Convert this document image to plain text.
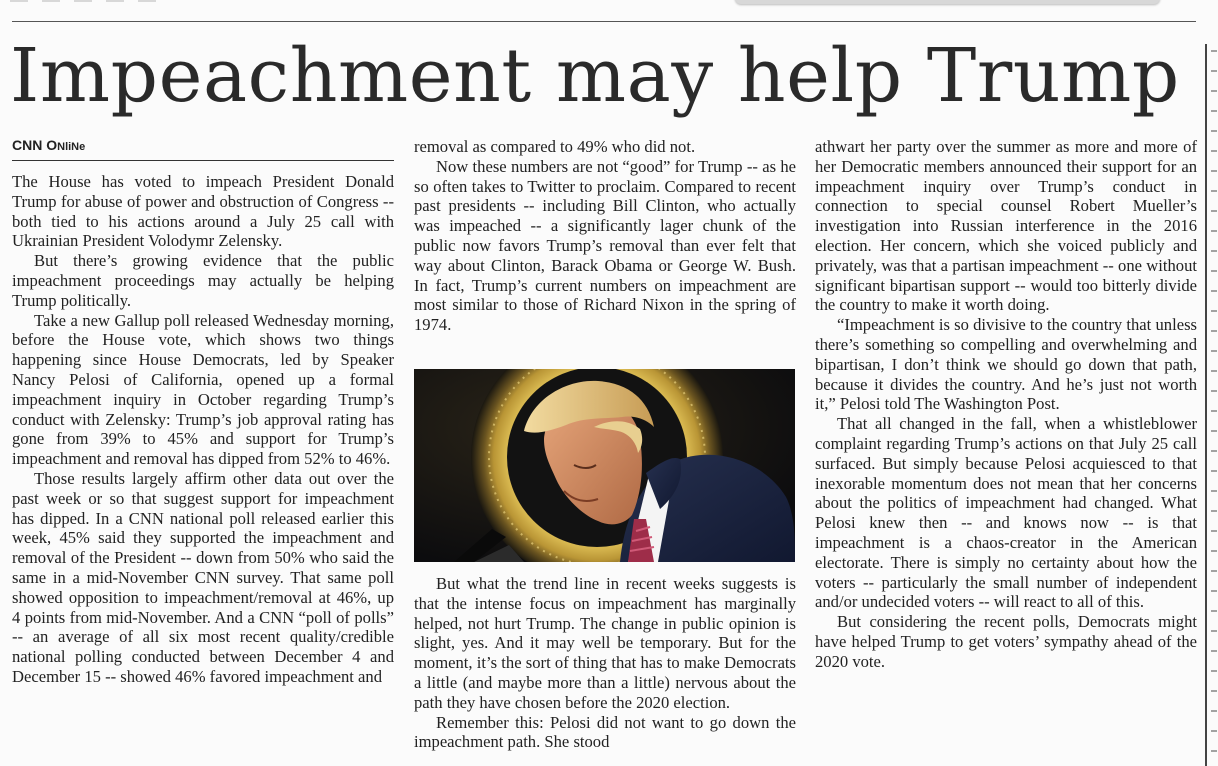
Impeachment may help Trump
CNN ONliNe

The House has voted to impeach President Donald Trump for abuse of power and obstruction of Congress -- both tied to his actions around a July 25 call with Ukrainian President Volodymr Zelensky.

But there’s growing evidence that the public impeachment proceedings may actually be helping Trump politically.

Take a new Gallup poll released Wednesday morning, before the House vote, which shows two things happening since House Democrats, led by Speaker Nancy Pelosi of California, opened up a formal impeachment inquiry in October regarding Trump’s conduct with Zelensky: Trump’s job approval rating has gone from 39% to 45% and support for Trump’s impeachment and removal has dipped from 52% to 46%.

Those results largely affirm other data out over the past week or so that suggest support for impeachment has dipped. In a CNN national poll released earlier this week, 45% said they supported the impeachment and removal of the President -- down from 50% who said the same in a mid-November CNN survey. That same poll showed opposition to impeachment/removal at 46%, up 4 points from mid-November. And a CNN “poll of polls” -- an average of all six most recent quality/credible national polling conducted between December 4 and December 15 -- showed 46% favored impeachment and

removal as compared to 49% who did not.

Now these numbers are not “good” for Trump -- as he so often takes to Twitter to proclaim. Compared to recent past presidents -- including Bill Clinton, who actually was impeached -- a significantly lager chunk of the public now favors Trump’s removal than ever felt that way about Clinton, Barack Obama or George W. Bush. In fact, Trump’s current numbers on impeachment are most similar to those of Richard Nixon in the spring of 1974.

But what the trend line in recent weeks suggests is that the intense focus on impeachment has marginally helped, not hurt Trump. The change in public opinion is slight, yes. And it may well be temporary. But for the moment, it’s the sort of thing that has to make Democrats a little (and maybe more than a little) nervous about the path they have chosen before the 2020 election.

Remember this: Pelosi did not want to go down the impeachment path. She stood

athwart her party over the summer as more and more of her Democratic members announced their support for an impeachment inquiry over Trump’s conduct in connection to special counsel Robert Mueller’s investigation into Russian interference in the 2016 election. Her concern, which she voiced publicly and privately, was that a partisan impeachment -- one without significant bipartisan support -- would too bitterly divide the country to make it worth doing.

“Impeachment is so divisive to the country that unless there’s something so compelling and overwhelming and bipartisan, I don’t think we should go down that path, because it divides the country. And he’s just not worth it,” Pelosi told The Washington Post.

That all changed in the fall, when a whistleblower complaint regarding Trump’s actions on that July 25 call surfaced. But simply because Pelosi acquiesced to that inexorable momentum does not mean that her concerns about the politics of impeachment had changed. What Pelosi knew then -- and knows now -- is that impeachment is a chaos-creator in the American electorate. There is simply no certainty about how the voters -- particularly the small number of independent and/or undecided voters -- will react to all of this.

But considering the recent polls, Democrats might have helped Trump to get voters’ sympathy ahead of the 2020 vote.
